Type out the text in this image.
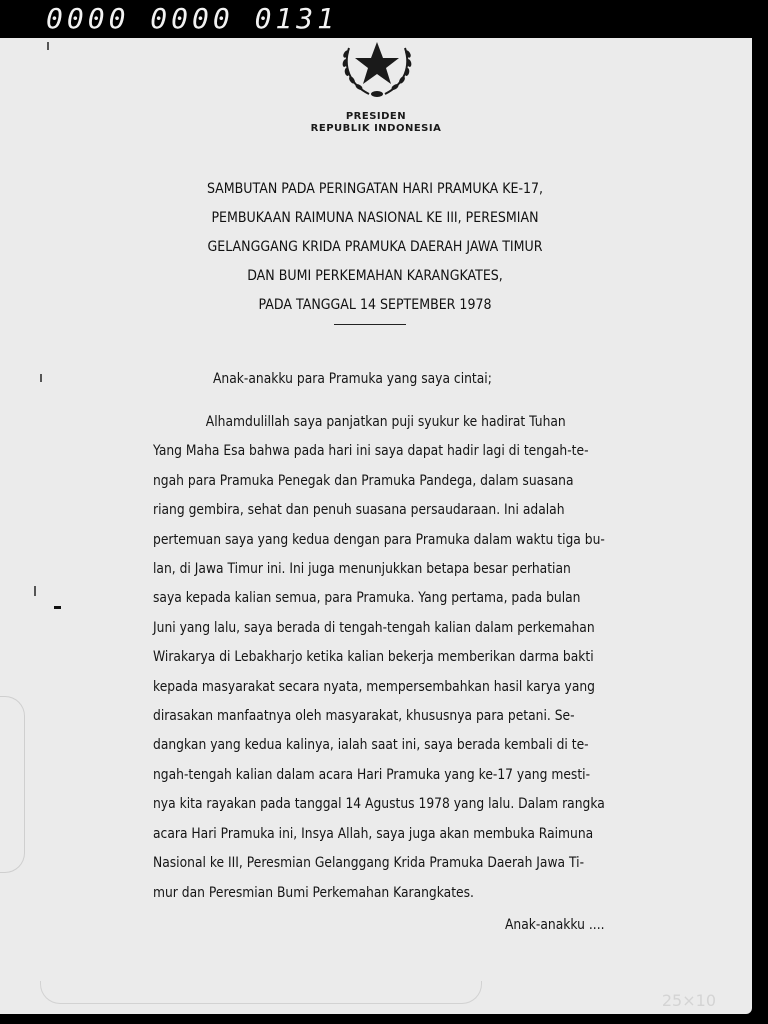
0000 0000 0131
PRESIDEN
REPUBLIK INDONESIA
SAMBUTAN PADA PERINGATAN HARI PRAMUKA KE-17,
PEMBUKAAN RAIMUNA NASIONAL KE III, PERESMIAN
GELANGGANG KRIDA PRAMUKA DAERAH JAWA TIMUR
DAN BUMI PERKEMAHAN KARANGKATES,
PADA TANGGAL 14 SEPTEMBER 1978
Anak-anakku para Pramuka yang saya cintai;
Alhamdulillah saya panjatkan puji syukur ke hadirat Tuhan
Yang Maha Esa bahwa pada hari ini saya dapat hadir lagi di tengah-te-
ngah para Pramuka Penegak dan Pramuka Pandega, dalam suasana
riang gembira, sehat dan penuh suasana persaudaraan. Ini adalah
pertemuan saya yang kedua dengan para Pramuka dalam waktu tiga bu-
lan, di Jawa Timur ini. Ini juga menunjukkan betapa besar perhatian
saya kepada kalian semua, para Pramuka. Yang pertama, pada bulan
Juni yang lalu, saya berada di tengah-tengah kalian dalam perkemahan
Wirakarya di Lebakharjo ketika kalian bekerja memberikan darma bakti
kepada masyarakat secara nyata, mempersembahkan hasil karya yang
dirasakan manfaatnya oleh masyarakat, khususnya para petani. Se-
dangkan yang kedua kalinya, ialah saat ini, saya berada kembali di te-
ngah-tengah kalian dalam acara Hari Pramuka yang ke-17 yang mesti-
nya kita rayakan pada tanggal 14 Agustus 1978 yang lalu. Dalam rangka
acara Hari Pramuka ini, Insya Allah, saya juga akan membuka Raimuna
Nasional ke III, Peresmian Gelanggang Krida Pramuka Daerah Jawa Ti-
mur dan Peresmian Bumi Perkemahan Karangkates.
Anak-anakku ....
25×10
